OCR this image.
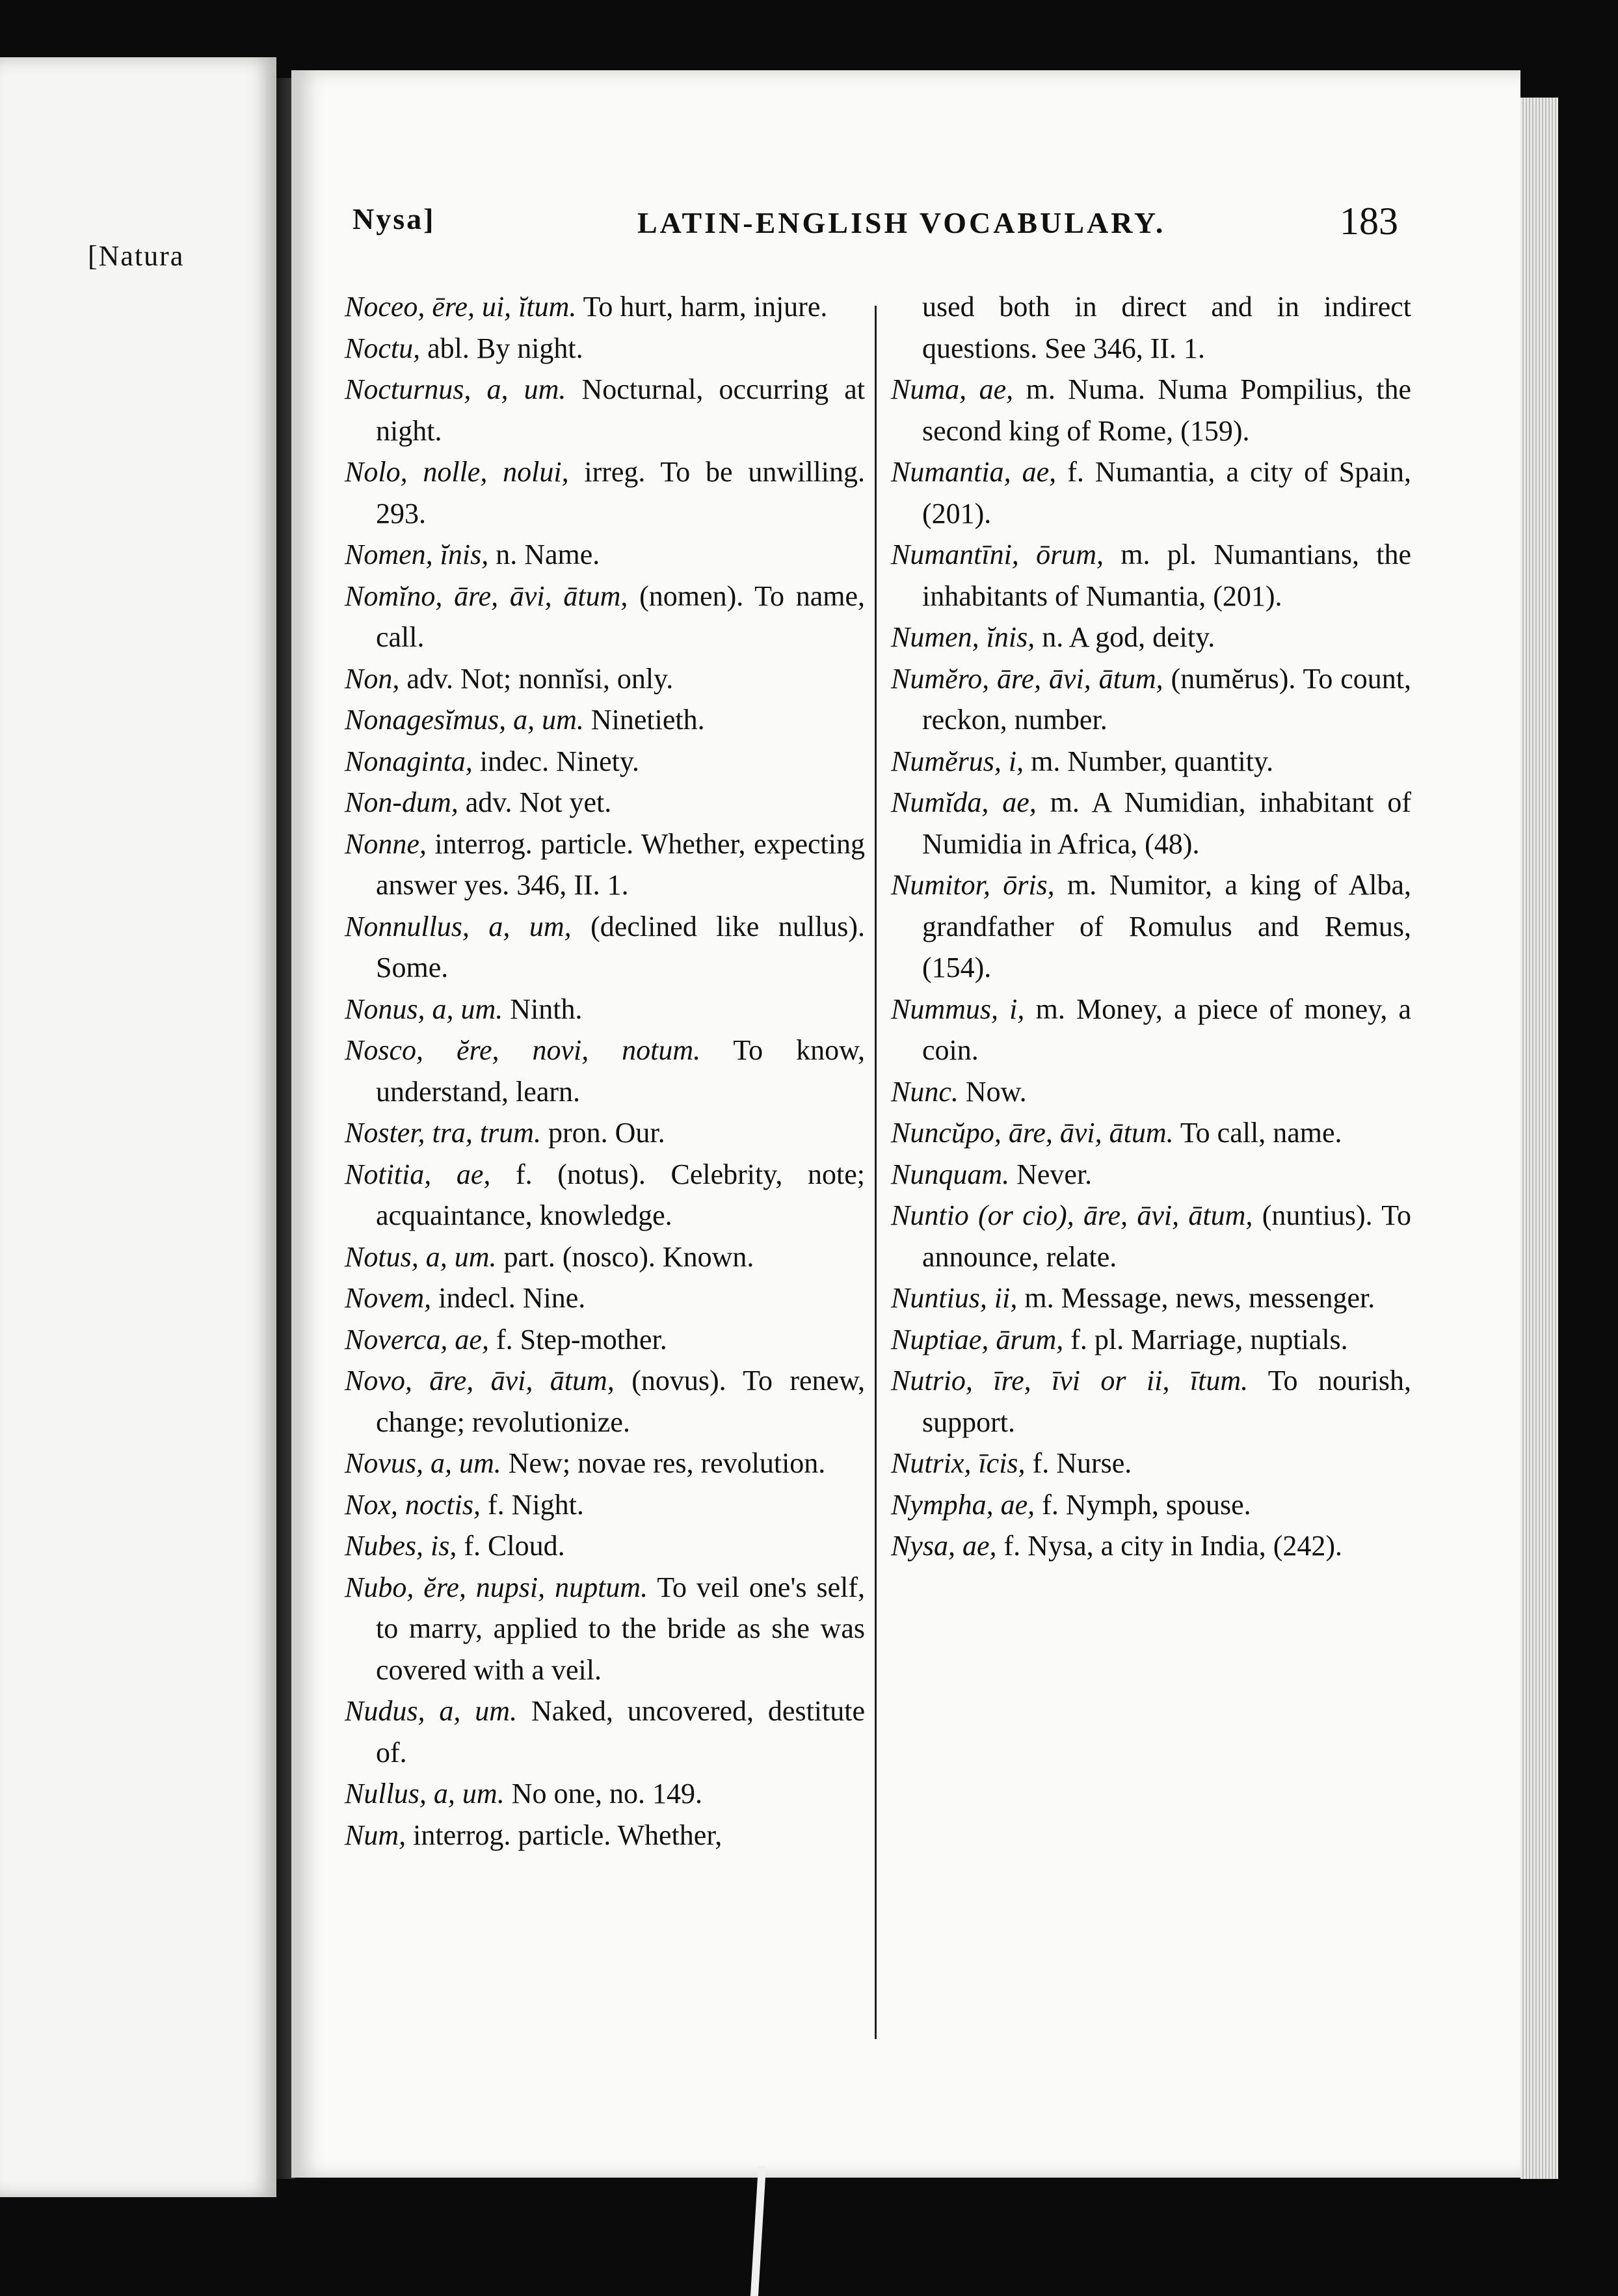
[Natura
Nysa]	LATIN-ENGLISH VOCABULARY.	183

Noceo, ēre, ui, ĭtum. To hurt, harm, injure.

Noctu, abl. By night.

Nocturnus, a, um. Nocturnal, occurring at night.

Nolo, nolle, nolui, irreg. To be unwilling. 293.

Nomen, ĭnis, n. Name.

Nomĭno, āre, āvi, ātum, (nomen). To name, call.

Non, adv. Not; nonnĭsi, only.

Nonagesĭmus, a, um. Ninetieth.

Nonaginta, indec. Ninety.

Non-dum, adv. Not yet.

Nonne, interrog. particle. Whether, expecting answer yes. 346, II. 1.

Nonnullus, a, um, (declined like nullus). Some.

Nonus, a, um. Ninth.

Nosco, ĕre, novi, notum. To know, understand, learn.

Noster, tra, trum. pron. Our.

Notitia, ae, f. (notus). Celebrity, note; acquaintance, knowledge.

Notus, a, um. part. (nosco). Known.

Novem, indecl. Nine.

Noverca, ae, f. Step-mother.

Novo, āre, āvi, ātum, (novus). To renew, change; revolutionize.

Novus, a, um. New; novae res, revolution.

Nox, noctis, f. Night.

Nubes, is, f. Cloud.

Nubo, ĕre, nupsi, nuptum. To veil one's self, to marry, applied to the bride as she was covered with a veil.

Nudus, a, um. Naked, uncovered, destitute of.

Nullus, a, um. No one, no. 149.

Num, interrog. particle. Whether,

used both in direct and in indirect questions. See 346, II. 1.

Numa, ae, m. Numa. Numa Pompilius, the second king of Rome, (159).

Numantia, ae, f. Numantia, a city of Spain, (201).

Numantīni, ōrum, m. pl. Numantians, the inhabitants of Numantia, (201).

Numen, ĭnis, n. A god, deity.

Numĕro, āre, āvi, ātum, (numĕrus). To count, reckon, number.

Numĕrus, i, m. Number, quantity.

Numĭda, ae, m. A Numidian, inhabitant of Numidia in Africa, (48).

Numitor, ōris, m. Numitor, a king of Alba, grandfather of Romulus and Remus, (154).

Nummus, i, m. Money, a piece of money, a coin.

Nunc. Now.

Nuncŭpo, āre, āvi, ātum. To call, name.

Nunquam. Never.

Nuntio (or cio), āre, āvi, ātum, (nuntius). To announce, relate.

Nuntius, ii, m. Message, news, messenger.

Nuptiae, ārum, f. pl. Marriage, nuptials.

Nutrio, īre, īvi or ii, ītum. To nourish, support.

Nutrix, īcis, f. Nurse.

Nympha, ae, f. Nymph, spouse.

Nysa, ae, f. Nysa, a city in India, (242).
